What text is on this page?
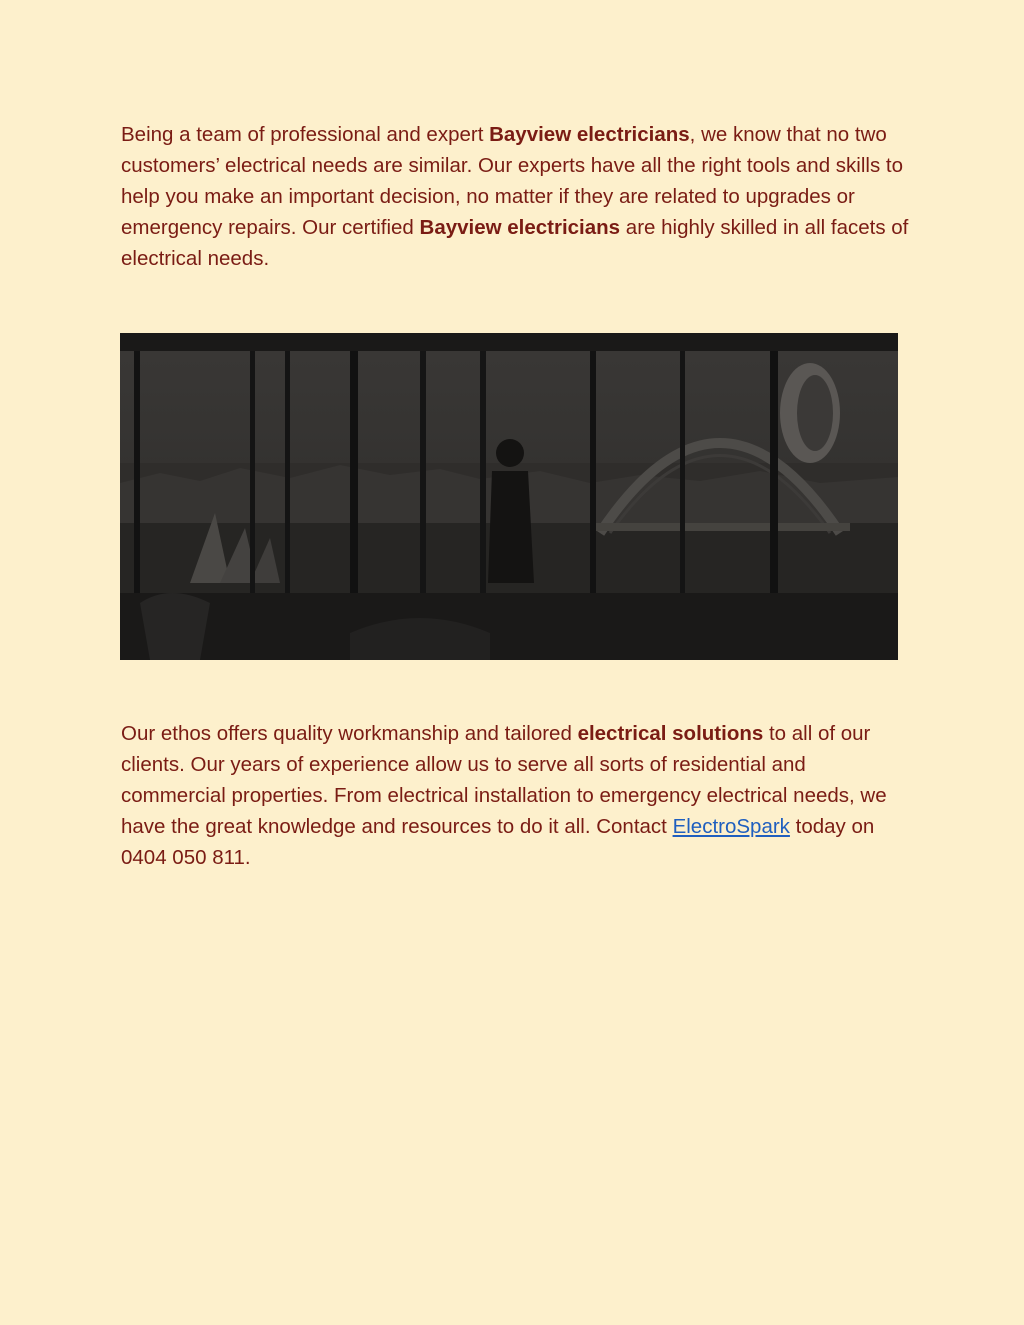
Being a team of professional and expert Bayview electricians, we know that no two customers’ electrical needs are similar. Our experts have all the right tools and skills to help you make an important decision, no matter if they are related to upgrades or emergency repairs. Our certified Bayview electricians are highly skilled in all facets of electrical needs.

Our ethos offers quality workmanship and tailored electrical solutions to all of our clients. Our years of experience allow us to serve all sorts of residential and commercial properties. From electrical installation to emergency electrical needs, we have the great knowledge and resources to do it all. Contact ElectroSpark today on 0404 050 811.
